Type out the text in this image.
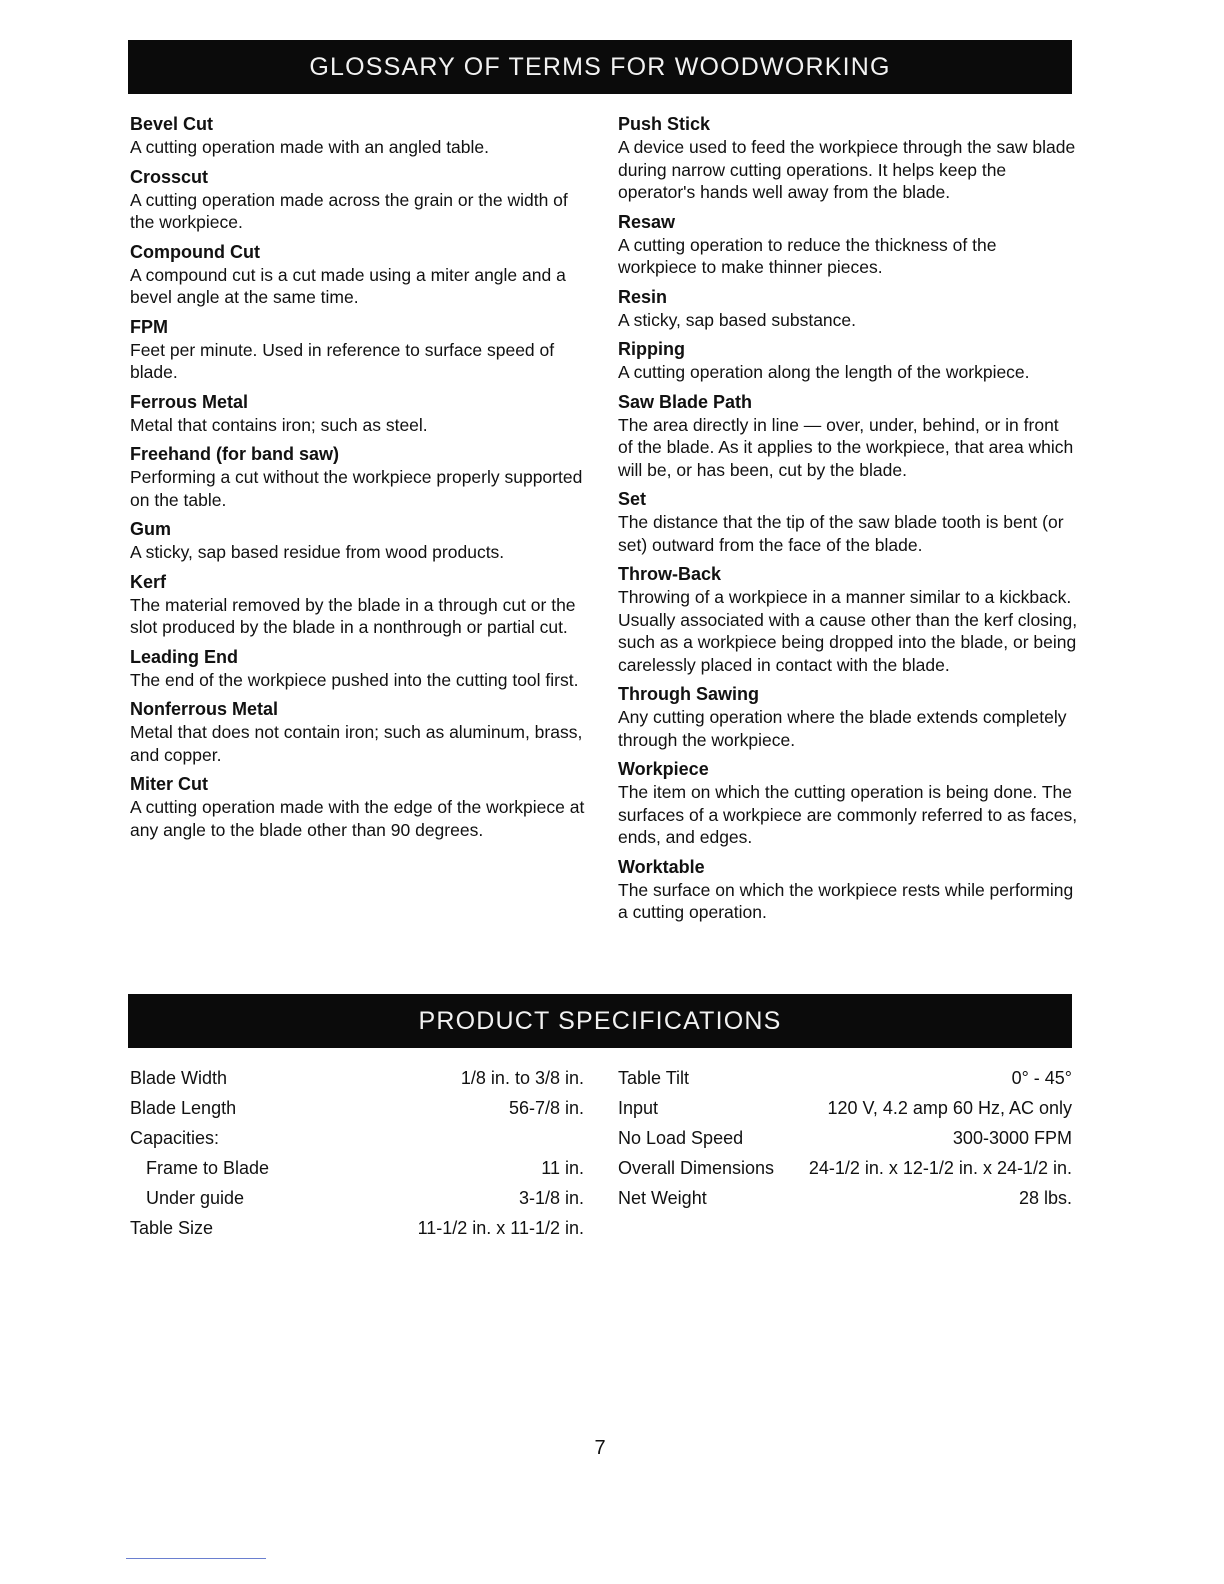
GLOSSARY OF TERMS FOR WOODWORKING
Bevel Cut
A cutting operation made with an angled table.
Crosscut
A cutting operation made across the grain or the width of the workpiece.
Compound Cut
A compound cut is a cut made using a miter angle and a bevel angle at the same time.
FPM
Feet per minute. Used in reference to surface speed of blade.
Ferrous Metal
Metal that contains iron; such as steel.
Freehand (for band saw)
Performing a cut without the workpiece properly supported on the table.
Gum
A sticky, sap based residue from wood products.
Kerf
The material removed by the blade in a through cut or the slot produced by the blade in a nonthrough or partial cut.
Leading End
The end of the workpiece pushed into the cutting tool first.
Nonferrous Metal
Metal that does not contain iron; such as aluminum, brass, and copper.
Miter Cut
A cutting operation made with the edge of the workpiece at any angle to the blade other than 90 degrees.
Push Stick
A device used to feed the workpiece through the saw blade during narrow cutting operations. It helps keep the operator's hands well away from the blade.
Resaw
A cutting operation to reduce the thickness of the workpiece to make thinner pieces.
Resin
A sticky, sap based substance.
Ripping
A cutting operation along the length of the workpiece.
Saw Blade Path
The area directly in line — over, under, behind, or in front of the blade. As it applies to the workpiece, that area which will be, or has been, cut by the blade.
Set
The distance that the tip of the saw blade tooth is bent (or set) outward from the face of the blade.
Throw-Back
Throwing of a workpiece in a manner similar to a kickback. Usually associated with a cause other than the kerf closing, such as a workpiece being dropped into the blade, or being carelessly placed in contact with the blade.
Through Sawing
Any cutting operation where the blade extends completely through the workpiece.
Workpiece
The item on which the cutting operation is being done. The surfaces of a workpiece are commonly referred to as faces, ends, and edges.
Worktable
The surface on which the workpiece rests while performing a cutting operation.
PRODUCT SPECIFICATIONS
Blade Width	1/8 in. to 3/8 in.
Blade Length	56-7/8 in.
Capacities:	
Frame to Blade	11 in.
Under guide	3-1/8 in.
Table Size	11-1/2 in. x 11-1/2 in.
Table Tilt	0° - 45°
Input	120 V, 4.2 amp 60 Hz, AC only
No Load Speed	300-3000 FPM
Overall Dimensions	24-1/2 in. x 12-1/2 in. x 24-1/2 in.
Net Weight	28 lbs.
7
